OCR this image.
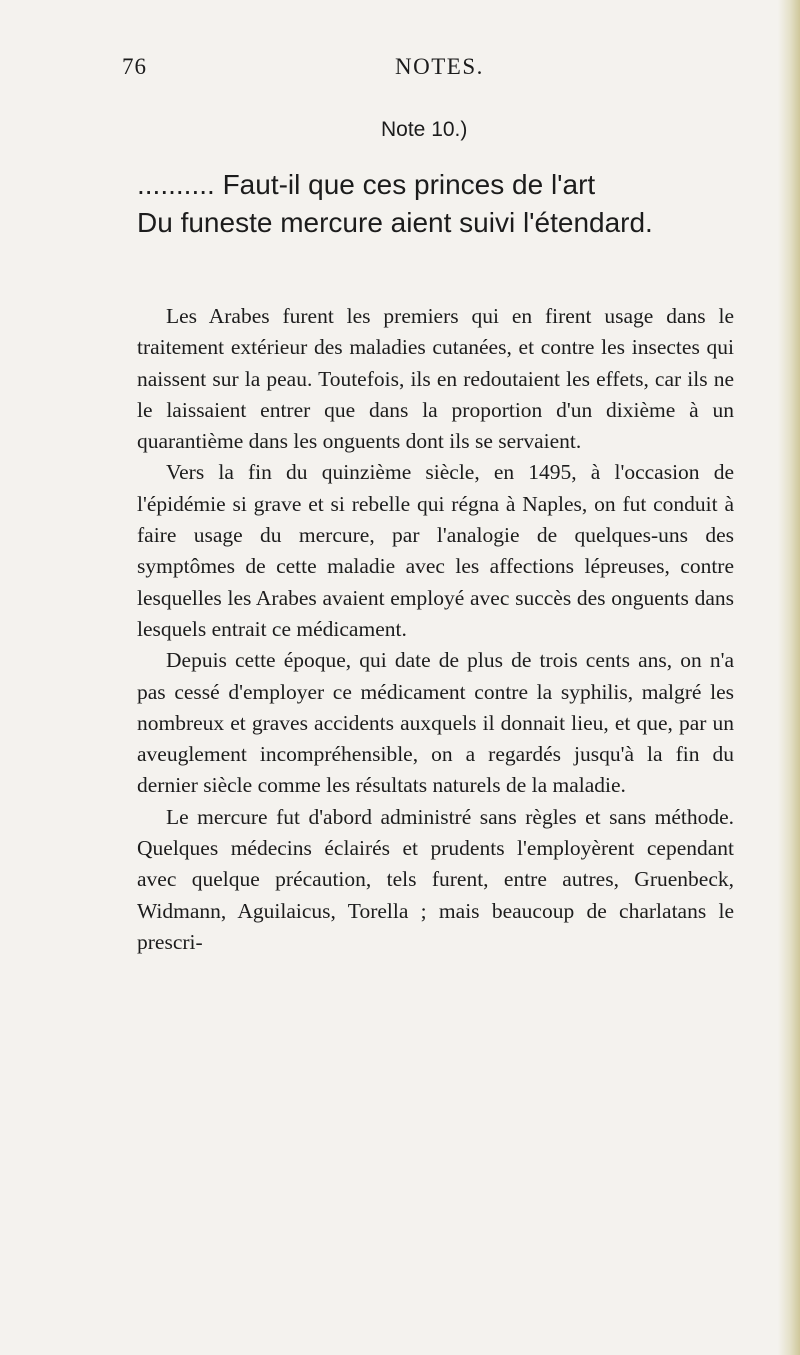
76	NOTES.
Note 10.)
.......... Faut-il que ces princes de l'art
Du funeste mercure aient suivi l'étendard.

Les Arabes furent les premiers qui en firent usage dans le traitement extérieur des maladies cutanées, et contre les insectes qui naissent sur la peau. Toutefois, ils en redoutaient les effets, car ils ne le laissaient entrer que dans la proportion d'un dixième à un quarantième dans les onguents dont ils se servaient.

Vers la fin du quinzième siècle, en 1495, à l'occasion de l'épidémie si grave et si rebelle qui régna à Naples, on fut conduit à faire usage du mercure, par l'analogie de quelques-uns des symptômes de cette maladie avec les affections lépreuses, contre lesquelles les Arabes avaient employé avec succès des onguents dans lesquels entrait ce médicament.

Depuis cette époque, qui date de plus de trois cents ans, on n'a pas cessé d'employer ce médicament contre la syphilis, malgré les nombreux et graves accidents auxquels il donnait lieu, et que, par un aveuglement incompréhensible, on a regardés jusqu'à la fin du dernier siècle comme les résultats naturels de la maladie.

Le mercure fut d'abord administré sans règles et sans méthode. Quelques médecins éclairés et prudents l'employèrent cependant avec quelque précaution, tels furent, entre autres, Gruenbeck, Widmann, Aguilaicus, Torella ; mais beaucoup de charlatans le prescri-
